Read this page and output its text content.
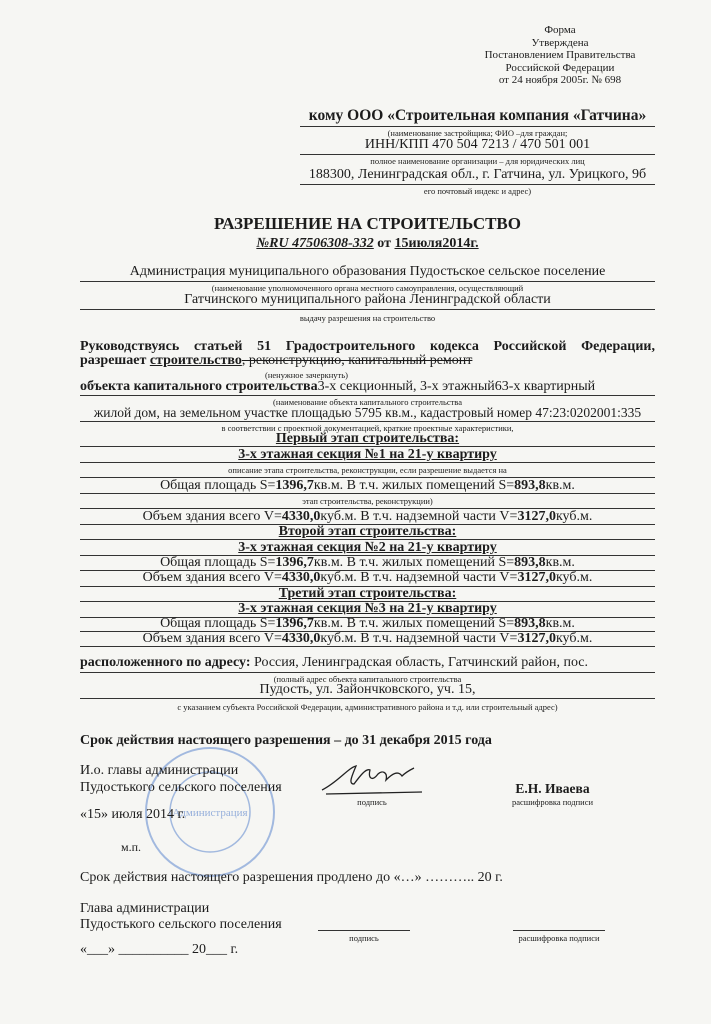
Форма
Утверждена
Постановлением Правительства
Российской Федерации
от 24 ноября 2005г. № 698
кому ООО «Строительная компания «Гатчина»
(наименование застройщика; ФИО –для граждан;
ИНН/КПП 470 504 7213 / 470 501 001
полное наименование организации – для юридических лиц
188300, Ленинградская обл., г. Гатчина, ул. Урицкого, 9б
его почтовый индекс и адрес)
РАЗРЕШЕНИЕ НА СТРОИТЕЛЬСТВО
№RU 47506308-332 от 15июля2014г.
Администрация муниципального образования Пудостьское сельское поселение
(наименование уполномоченного органа местного самоуправления, осуществляющий
Гатчинского муниципального района Ленинградской области
выдачу разрешения на строительство
Руководствуясь статьей 51 Градостроительного кодекса Российской Федерации,
разрешает строительство, реконструкцию, капитальный ремонт
(ненужное зачеркнуть)
объекта капитального строительства3-х секционный, 3-х этажный63-х квартирный
(наименование объекта капитального строительства
жилой дом, на земельном участке площадью 5795 кв.м., кадастровый номер 47:23:0202001:335
в соответствии с проектной документацией, краткие проектные характеристики,
Первый этап строительства:
3-х этажная секция №1 на 21-у квартиру
описание этапа строительства, реконструкции, если разрешение выдается на
Общая площадь S=1396,7кв.м. В т.ч. жилых помещений S=893,8кв.м.
этап строительства, реконструкции)
Объем здания всего V=4330,0куб.м. В т.ч. надземной части V=3127,0куб.м.
Второй этап строительства:
3-х этажная секция №2 на 21-у квартиру
Общая площадь S=1396,7кв.м. В т.ч. жилых помещений S=893,8кв.м.
Объем здания всего V=4330,0куб.м. В т.ч. надземной части V=3127,0куб.м.
Третий этап строительства:
3-х этажная секция №3 на 21-у квартиру
Общая площадь S=1396,7кв.м. В т.ч. жилых помещений S=893,8кв.м.
Объем здания всего V=4330,0куб.м. В т.ч. надземной части V=3127,0куб.м.
расположенного по адресу: Россия, Ленинградская область, Гатчинский район, пос.
(полный адрес объекта капитального строительства
Пудость, ул. Зайончковского, уч. 15,
с указанием субъекта Российской Федерации, административного района и т.д. или строительный адрес)
Срок действия настоящего разрешения – до 31 декабря 2015 года
Администрация
И.о. главы администрации
Пудостького сельского поселения
подпись
Е.Н. Иваева
расшифровка подписи
«15» июля 2014 г.
м.п.
Срок действия настоящего разрешения продлено до «…» ……….. 20 г.
Глава администрации
Пудостького сельского поселения
подпись	расшифровка подписи
«___» __________ 20___ г.
